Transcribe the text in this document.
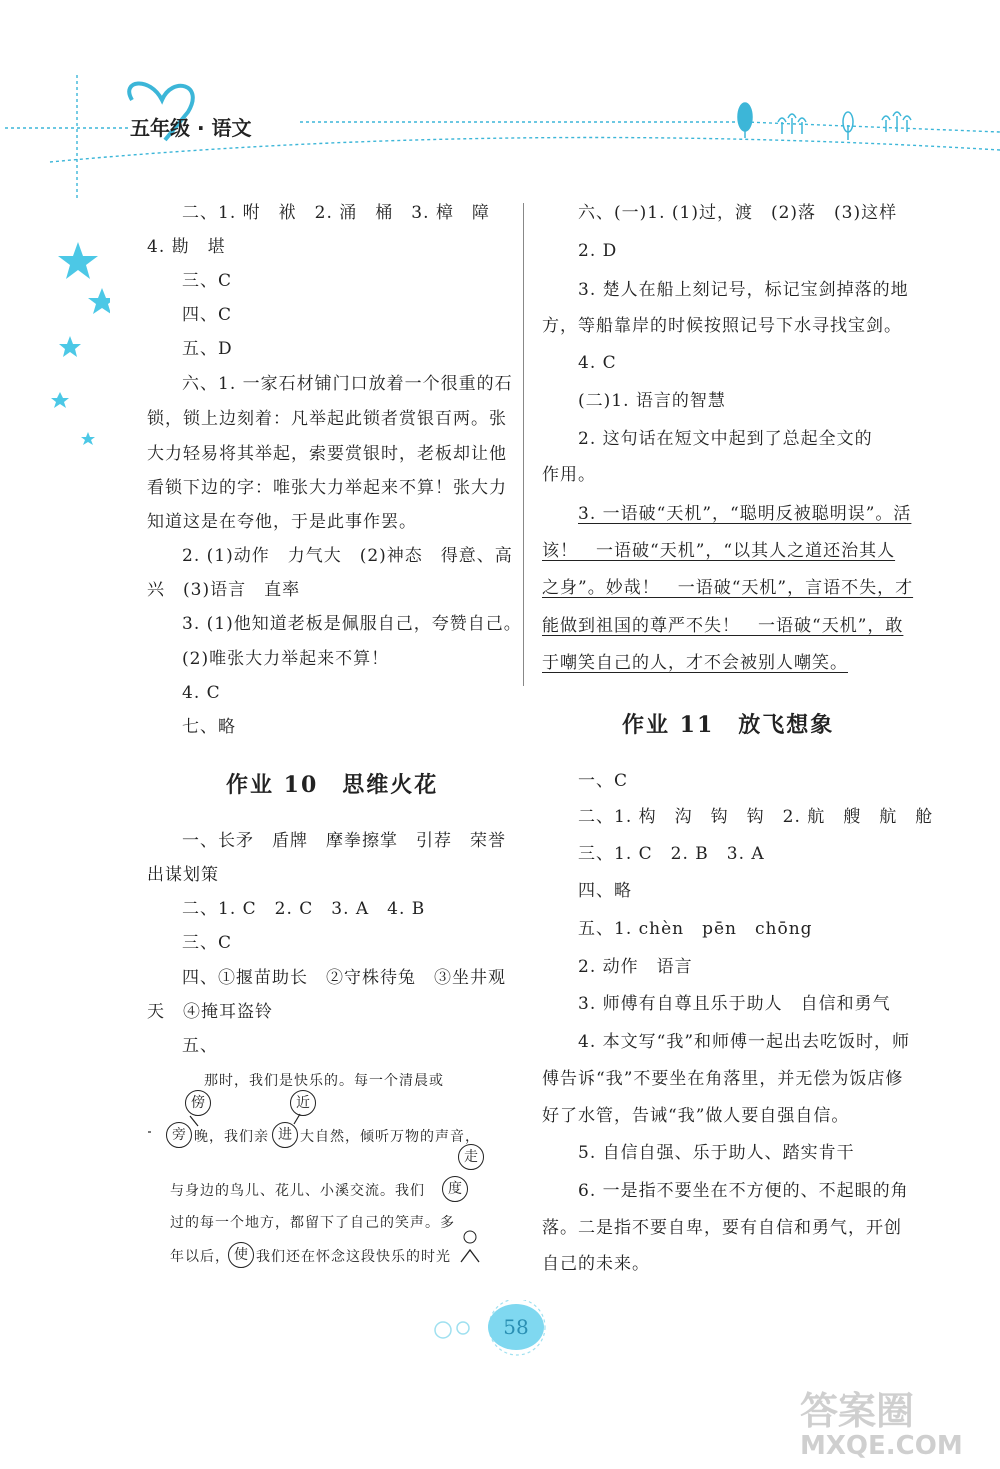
五年级 · 语文
二、1. 咐　袱　2. 涌　桶　3. 樟　障
4. 勘　堪
三、C
四、C
五、D
六、1. 一家石材铺门口放着一个很重的石
锁，锁上边刻着：凡举起此锁者赏银百两。张
大力轻易将其举起，索要赏银时，老板却让他
看锁下边的字：唯张大力举起来不算！张大力
知道这是在夸他，于是此事作罢。
2. (1)动作　力气大　(2)神态　得意、高
兴　(3)语言　直率
3. (1)他知道老板是佩服自己，夸赞自己。
(2)唯张大力举起来不算！
4. C
七、略
作业 10　思维火花
一、长矛　盾牌　摩拳擦掌　引荐　荣誉
出谋划策
二、1. C　2. C　3. A　4. B
三、C
四、①揠苗助长　②守株待兔　③坐井观
天　④掩耳盗铃
五、
那时，我们是快乐的。每一个清晨或
傍	近
旁 晚，我们亲 进 大自然，倾听万物的声音，
走
与身边的鸟儿、花儿、小溪交流。我们	度
过的每一个地方，都留下了自己的笑声。多
年以后， 使 我们还在怀念这段快乐的时光
六、(一)1. (1)过，渡　(2)落　(3)这样
2. D
3. 楚人在船上刻记号，标记宝剑掉落的地
方，等船靠岸的时候按照记号下水寻找宝剑。
4. C
(二)1. 语言的智慧
2. 这句话在短文中起到了总起全文的
作用。
3. 一语破“天机”，“聪明反被聪明误”。活
该！　一语破“天机”，“以其人之道还治其人
之身”。妙哉！　一语破“天机”，言语不失，才
能做到祖国的尊严不失！　一语破“天机”，敢
于嘲笑自己的人，才不会被别人嘲笑。
作业 11　放飞想象
一、C
二、1. 构　沟　钩　钩　2. 航　艘　航　舱
三、1. C　2. B　3. A
四、略
五、1. chèn　pēn　chōng
2. 动作　语言
3. 师傅有自尊且乐于助人　自信和勇气
4. 本文写“我”和师傅一起出去吃饭时，师
傅告诉“我”不要坐在角落里，并无偿为饭店修
好了水管，告诫“我”做人要自强自信。
5. 自信自强、乐于助人、踏实肯干
6. 一是指不要坐在不方便的、不起眼的角
落。二是指不要自卑，要有自信和勇气，开创
自己的未来。
58
答案圈
MXQE.COM
